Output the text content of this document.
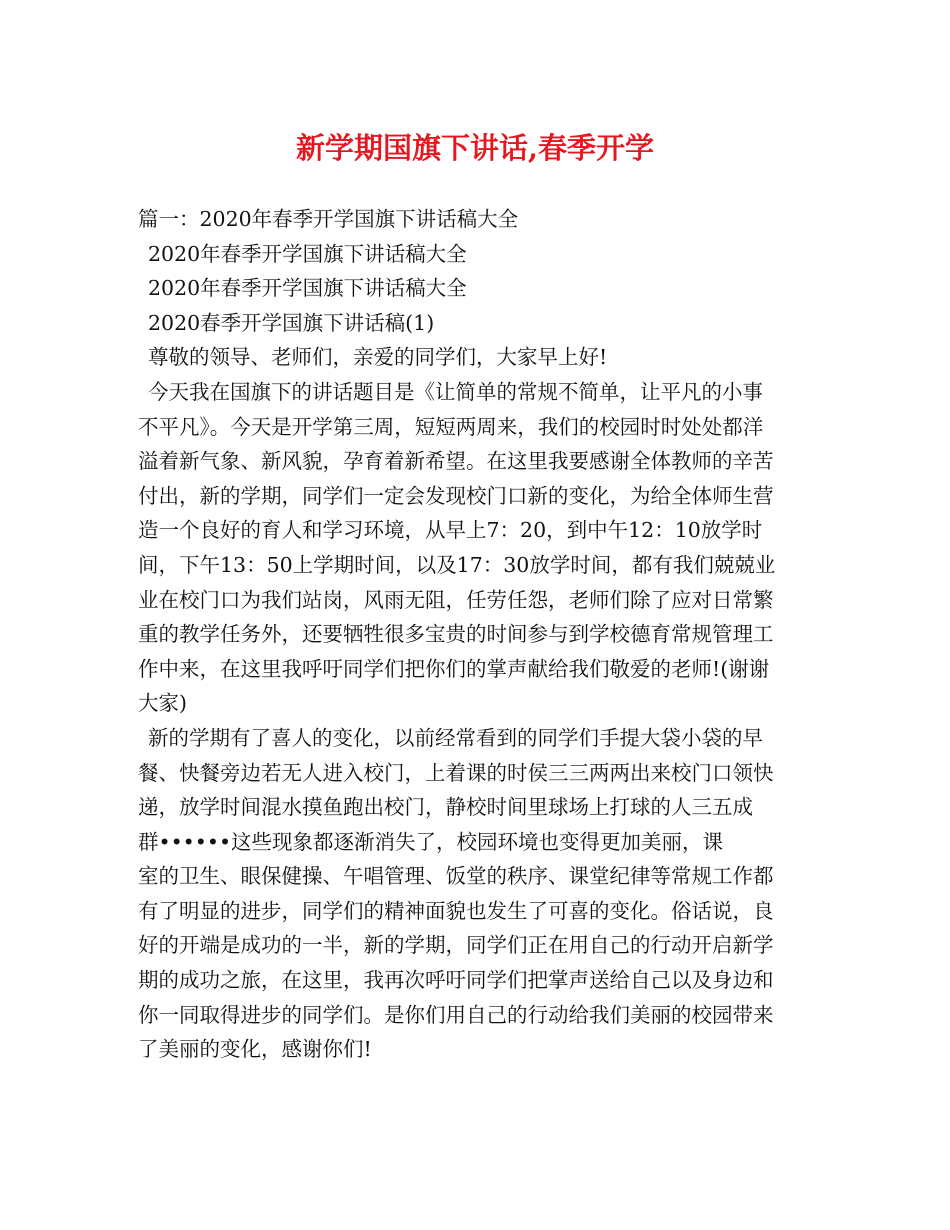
新学期国旗下讲话,春季开学
篇一：2020年春季开学国旗下讲话稿大全
2020年春季开学国旗下讲话稿大全
2020年春季开学国旗下讲话稿大全
2020春季开学国旗下讲话稿(1)
尊敬的领导、老师们，亲爱的同学们，大家早上好!
今天我在国旗下的讲话题目是《让简单的常规不简单，让平凡的小事
不平凡》。今天是开学第三周，短短两周来，我们的校园时时处处都洋
溢着新气象、新风貌，孕育着新希望。在这里我要感谢全体教师的辛苦
付出，新的学期，同学们一定会发现校门口新的变化，为给全体师生营
造一个良好的育人和学习环境，从早上7：20，到中午12：10放学时
间，下午13：50上学期时间，以及17：30放学时间，都有我们兢兢业
业在校门口为我们站岗，风雨无阻，任劳任怨，老师们除了应对日常繁
重的教学任务外，还要牺牲很多宝贵的时间参与到学校德育常规管理工
作中来，在这里我呼吁同学们把你们的掌声献给我们敬爱的老师!(谢谢
大家)
新的学期有了喜人的变化，以前经常看到的同学们手提大袋小袋的早
餐、快餐旁边若无人进入校门，上着课的时侯三三两两出来校门口领快
递，放学时间混水摸鱼跑出校门，静校时间里球场上打球的人三五成
群••••••这些现象都逐渐消失了，校园环境也变得更加美丽，课
室的卫生、眼保健操、午唱管理、饭堂的秩序、课堂纪律等常规工作都
有了明显的进步，同学们的精神面貌也发生了可喜的变化。俗话说，良
好的开端是成功的一半，新的学期，同学们正在用自己的行动开启新学
期的成功之旅，在这里，我再次呼吁同学们把掌声送给自己以及身边和
你一同取得进步的同学们。是你们用自己的行动给我们美丽的校园带来
了美丽的变化，感谢你们!
